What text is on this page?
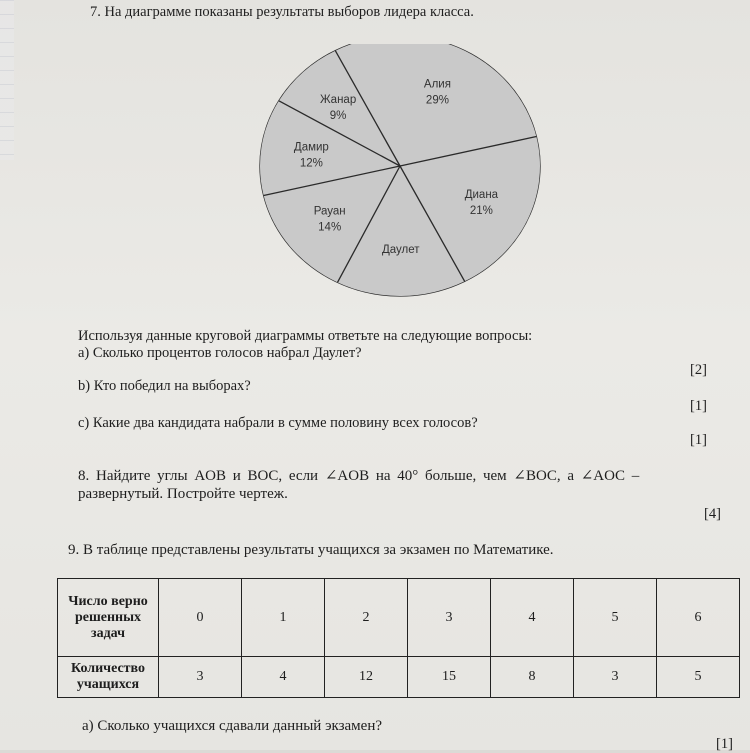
7. На диаграмме показаны результаты выборов лидера класса.
Алия
29%
Диана
21%
Даулет
Рауан
14%
Дамир
12%
Жанар
9%
Используя данные круговой диаграммы ответьте на следующие вопросы:
a) Сколько процентов голосов набрал Даулет?
[2]
b) Кто победил на выборах?
[1]
c) Какие два кандидата набрали в сумме половину всех голосов?
[1]
8. Найдите углы AOB и BOC, если ∠AOB на 40° больше, чем ∠BOC, а ∠AOC –
развернутый. Постройте чертеж.
[4]
9. В таблице представлены результаты учащихся за экзамен по Математике.
Число верно решенных задач	0	1	2	3	4	5	6
Количество учащихся	3	4	12	15	8	3	5
a) Сколько учащихся сдавали данный экзамен?
[1]
